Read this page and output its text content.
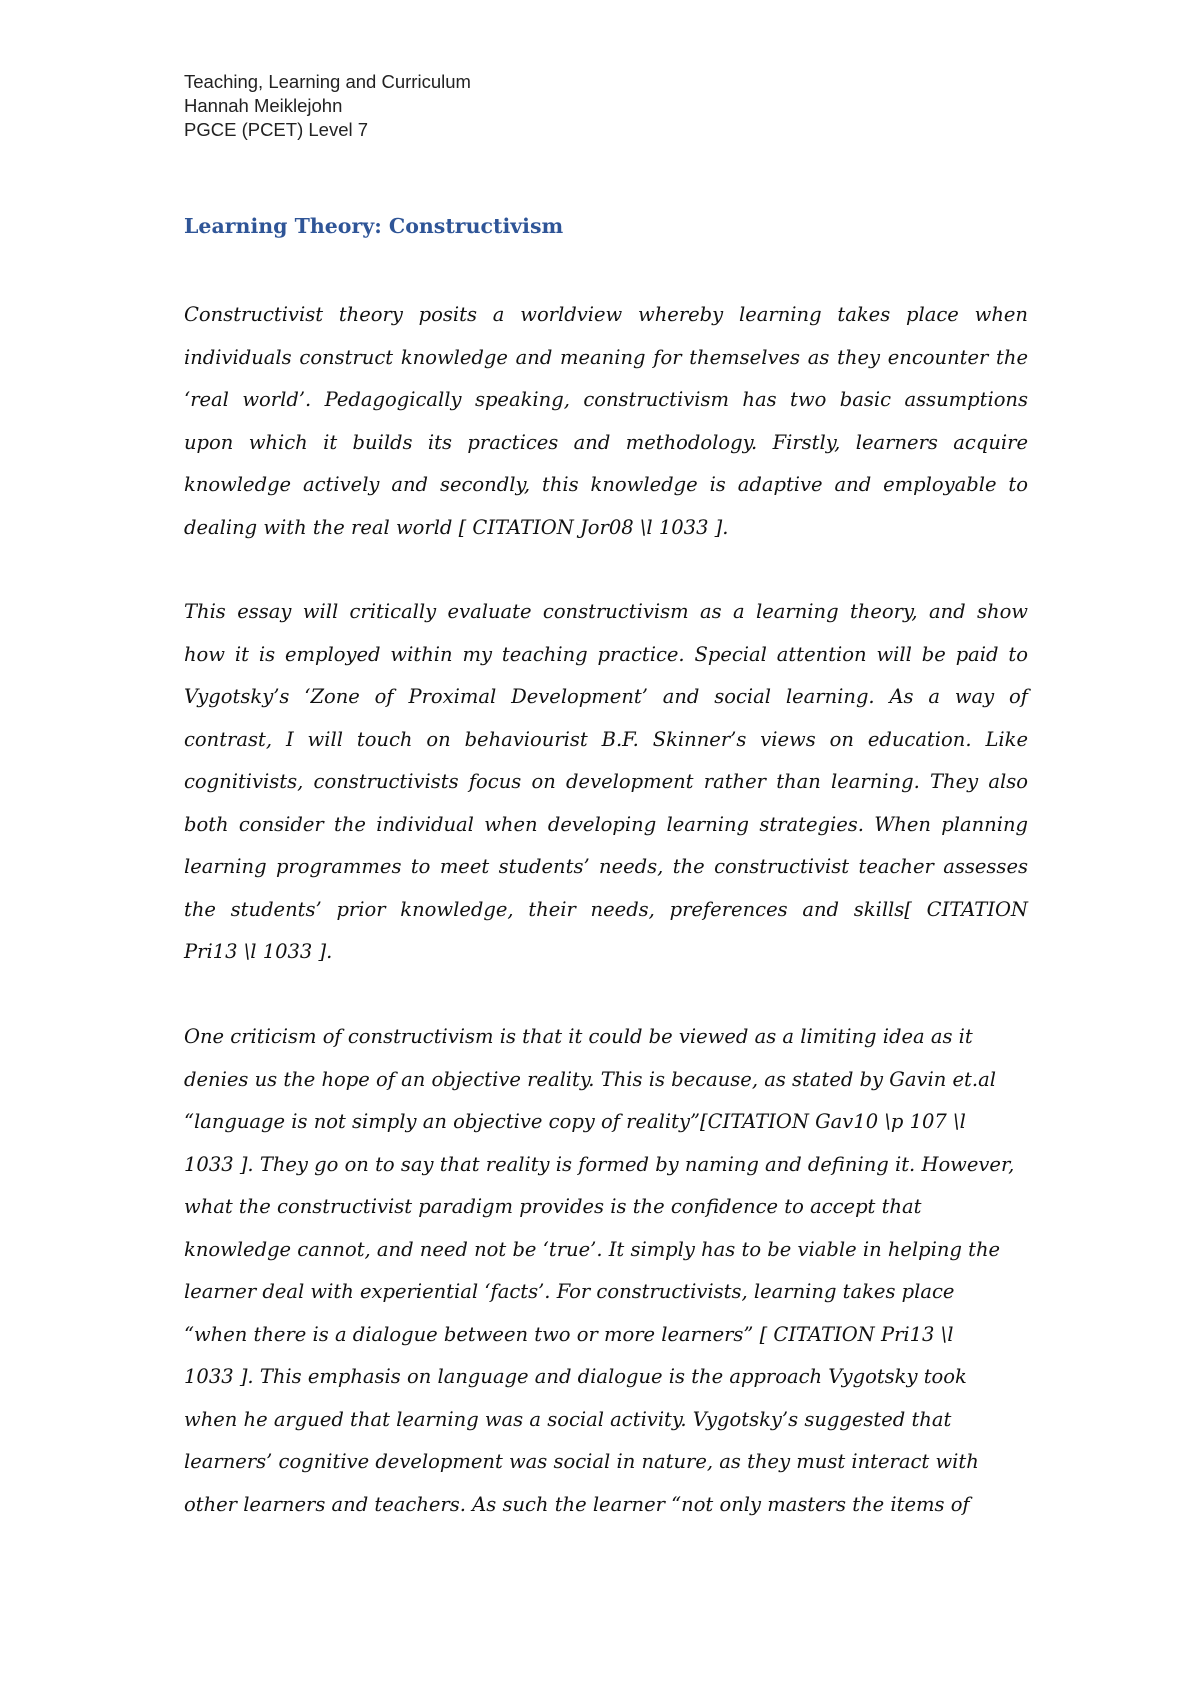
Teaching, Learning and Curriculum
Hannah Meiklejohn
PGCE (PCET) Level 7
Learning Theory: Constructivism
Constructivist theory posits a worldview whereby learning takes place when
individuals construct knowledge and meaning for themselves as they encounter the
‘real world’. Pedagogically speaking, constructivism has two basic assumptions
upon which it builds its practices and methodology. Firstly, learners acquire
knowledge actively and secondly, this knowledge is adaptive and employable to
dealing with the real world [ CITATION Jor08 \l 1033 ].
This essay will critically evaluate constructivism as a learning theory, and show
how it is employed within my teaching practice. Special attention will be paid to
Vygotsky’s ‘Zone of Proximal Development’ and social learning. As a way of
contrast, I will touch on behaviourist B.F. Skinner’s views on education. Like
cognitivists, constructivists focus on development rather than learning. They also
both consider the individual when developing learning strategies. When planning
learning programmes to meet students’ needs, the constructivist teacher assesses
the students’ prior knowledge, their needs, preferences and skills[ CITATION
Pri13 \l 1033 ].
One criticism of constructivism is that it could be viewed as a limiting idea as it
denies us the hope of an objective reality. This is because, as stated by Gavin et.al
“language is not simply an objective copy of reality”[CITATION Gav10 \p 107 \l
1033 ]. They go on to say that reality is formed by naming and defining it. However,
what the constructivist paradigm provides is the confidence to accept that
knowledge cannot, and need not be ‘true’. It simply has to be viable in helping the
learner deal with experiential ‘facts’. For constructivists, learning takes place
“when there is a dialogue between two or more learners” [ CITATION Pri13 \l
1033 ]. This emphasis on language and dialogue is the approach Vygotsky took
when he argued that learning was a social activity. Vygotsky’s suggested that
learners’ cognitive development was social in nature, as they must interact with
other learners and teachers. As such the learner “not only masters the items of
